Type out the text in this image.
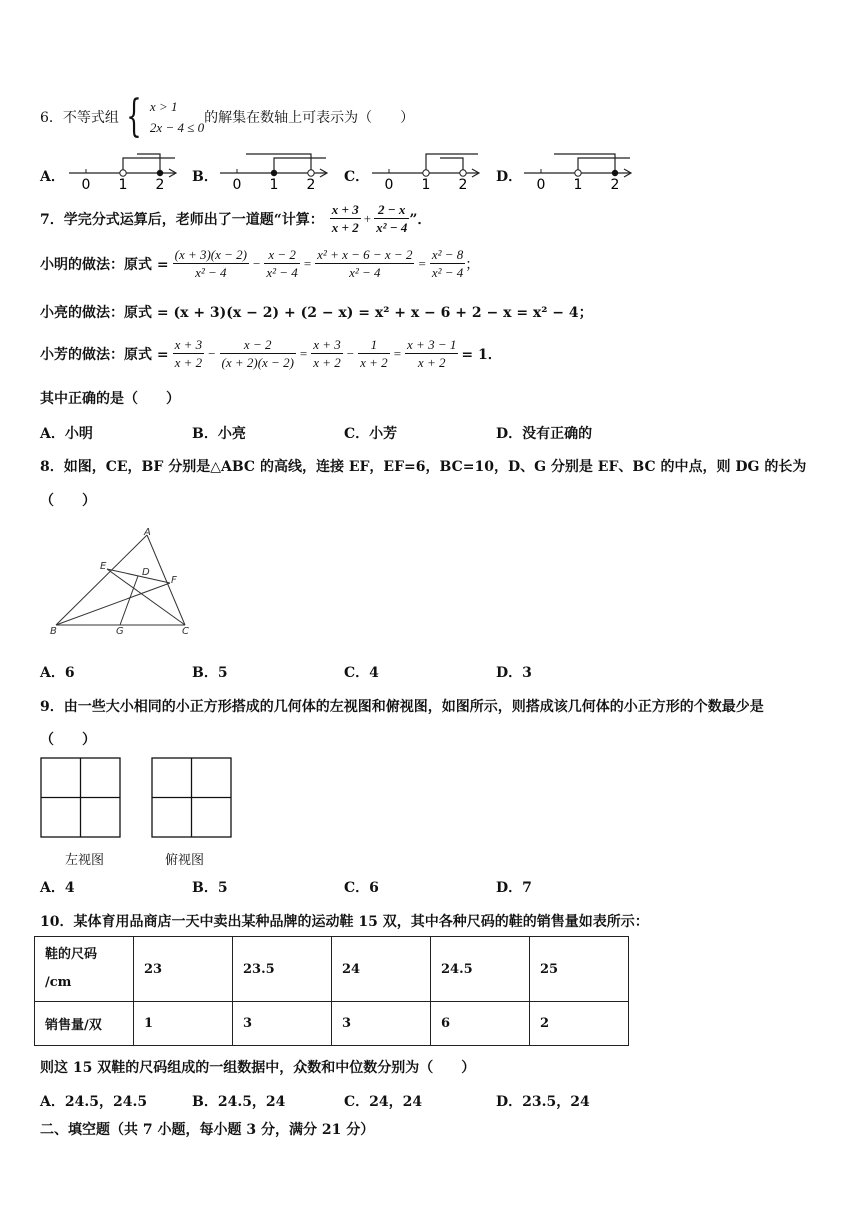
6．不等式组 { x > 1
2x − 4 ≤ 0
的解集在数轴上可表示为（　　）
A． 0 1 2 B． 0 1 2 C． 0 1 2 D． 0 1 2
7．学完分式运算后，老师出了一道题“计算： $\frac{x + 3}{x + 2} + \frac{2 - x}{\text{x² − 4}}$ ”．
小明的做法：原式 = $\frac{(x + 3)(x - 2)}{\text{x² − 4}} - \frac{x - 2}{\text{x² − 4}} = \frac{\text{x² + x − 6 − x − 2}}{\text{x² − 4}} = \frac{\text{x² − 8}}{\text{x² − 4}}$ ；
小亮的做法：原式 = (x + 3)(x − 2) + (2 − x) = x² + x − 6 + 2 − x = x² − 4；
小芳的做法：原式 = $\frac{x + 3}{x + 2} - \frac{x - 2}{(x + 2)(x - 2)} = \frac{x + 3}{x + 2} - \frac{1}{x + 2} = \frac{x + 3 - 1}{x + 2} = 1$．
其中正确的是（　　）
A．小明	B．小亮	C．小芳	D．没有正确的
8．如图，CE，BF 分别是△ABC 的高线，连接 EF，EF=6，BC=10，D、G 分别是 EF、BC 的中点，则 DG 的长为
（　　）
A
E
D
F
B	G	C
A．6	B．5	C．4	D．3
9．由一些大小相同的小正方形搭成的几何体的左视图和俯视图，如图所示，则搭成该几何体的小正方形的个数最少是
（　　）
左视图	俯视图
A．4	B．5	C．6	D．7
10．某体育用品商店一天中卖出某种品牌的运动鞋 15 双，其中各种尺码的鞋的销售量如表所示：
鞋的尺码
/cm	23	23.5	24	24.5	25
销售量/双	1	3	3	6	2
则这 15 双鞋的尺码组成的一组数据中，众数和中位数分别为（　　）
A．24.5，24.5	B．24.5，24	C．24，24	D．23.5，24
二、填空题（共 7 小题，每小题 3 分，满分 21 分）
